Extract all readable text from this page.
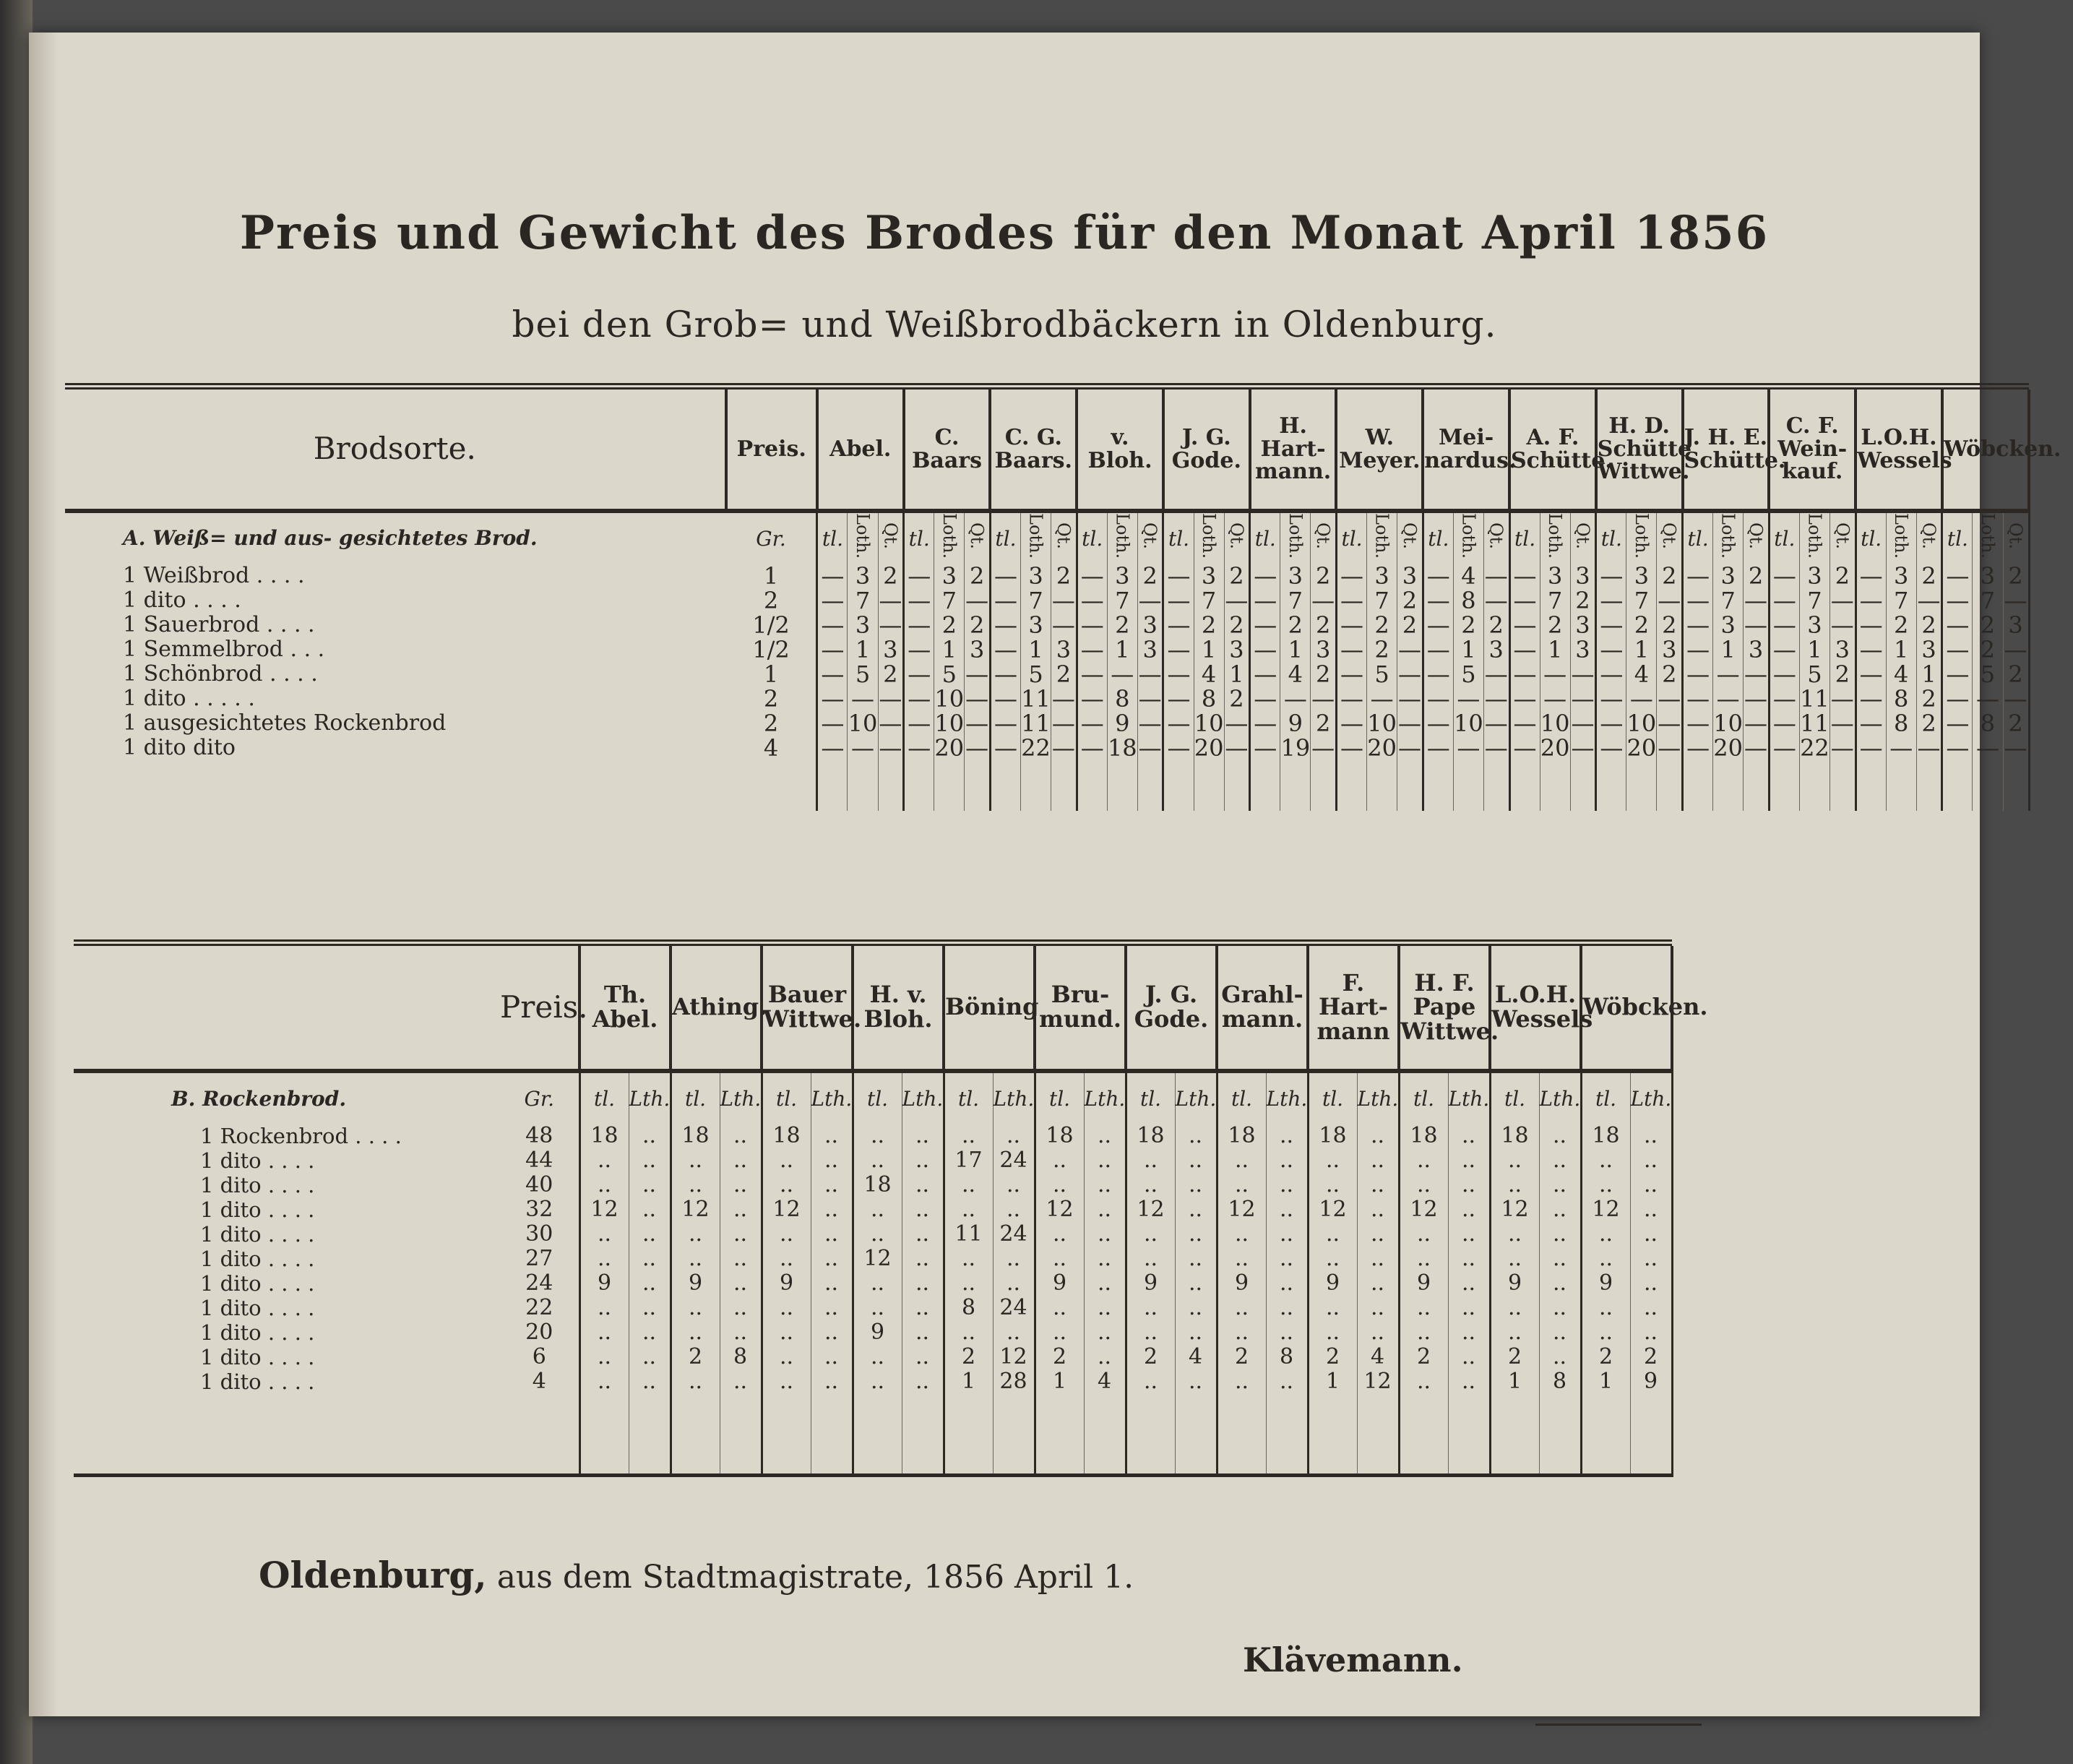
Preis und Gewicht des Brodes für den Monat April 1856
bei den Grob= und Weißbrodbäckern in Oldenburg.

Brodsorte.	Preis.	Abel.			C. Baars			C. G. Baars.			v. Bloh.			J. G. Gode.			H. Hart- mann.			W. Meyer.			Mei- nardus.			A. F. Schütte.			H. D. Schütte Wittwe.			J. H. E. Schütte.			C. F. Wein- kauf.			L.O.H. Wessels			Wöbcken.		

A. Weiß= und aus- gesichtetes Brod.	Gr.	tl.	Loth.	Qt.	tl.	Loth.	Qt.	tl.	Loth.	Qt.	tl.	Loth.	Qt.	tl.	Loth.	Qt.	tl.	Loth.	Qt.	tl.	Loth.	Qt.	tl.	Loth.	Qt.	tl.	Loth.	Qt.	tl.	Loth.	Qt.	tl.	Loth.	Qt.	tl.	Loth.	Qt.	tl.	Loth.	Qt.	tl.	Loth.	Qt.
1 Weißbrod . . . .	1	—	3	2	—	3	2	—	3	2	—	3	2	—	3	2	—	3	2	—	3	3	—	4	—	—	3	3	—	3	2	—	3	2	—	3	2	—	3	2	—	3	2
1 dito . . . .	2	—	7	—	—	7	—	—	7	—	—	7	—	—	7	—	—	7	—	—	7	2	—	8	—	—	7	2	—	7	—	—	7	—	—	7	—	—	7	—	—	7	—
1 Sauerbrod . . . .	1/2	—	3	—	—	2	2	—	3	—	—	2	3	—	2	2	—	2	2	—	2	2	—	2	2	—	2	3	—	2	2	—	3	—	—	3	—	—	2	2	—	2	3
1 Semmelbrod . . .	1/2	—	1	3	—	1	3	—	1	3	—	1	3	—	1	3	—	1	3	—	2	—	—	1	3	—	1	3	—	1	3	—	1	3	—	1	3	—	1	3	—	2	—
1 Schönbrod . . . .	1	—	5	2	—	5	—	—	5	2	—	—	—	—	4	1	—	4	2	—	5	—	—	5	—	—	—	—	—	4	2	—	—	—	—	5	2	—	4	1	—	5	2
1 dito . . . . .	2	—	—	—	—	10	—	—	11	—	—	8	—	—	8	2	—	—	—	—	—	—	—	—	—	—	—	—	—	—	—	—	—	—	—	11	—	—	8	2	—	—	—
1 ausgesichtetes Rockenbrod	2	—	10	—	—	10	—	—	11	—	—	9	—	—	10	—	—	9	2	—	10	—	—	10	—	—	10	—	—	10	—	—	10	—	—	11	—	—	8	2	—	8	2
1 dito dito	4	—	—	—	—	20	—	—	22	—	—	18	—	—	20	—	—	19	—	—	20	—	—	—	—	—	20	—	—	20	—	—	20	—	—	22	—	—	—	—	—	—	—

	Preis.	Th. Abel.		Athing.		Bauer Wittwe.		H. v. Bloh.		Böning		Bru- mund.		J. G. Gode.		Grahl- mann.		F. Hart- mann		H. F. Pape Wittwe.		L.O.H. Wessels		Wöbcken.	

B. Rockenbrod.	Gr.	tl.	Lth.	tl.	Lth.	tl.	Lth.	tl.	Lth.	tl.	Lth.	tl.	Lth.	tl.	Lth.	tl.	Lth.	tl.	Lth.	tl.	Lth.	tl.	Lth.	tl.	Lth.
1 Rockenbrod . . . .	48	18	..	18	..	18	..	..	..	..	..	18	..	18	..	18	..	18	..	18	..	18	..	18	..
1 dito . . . .	44	..	..	..	..	..	..	..	..	17	24	..	..	..	..	..	..	..	..	..	..	..	..	..	..
1 dito . . . .	40	..	..	..	..	..	..	18	..	..	..	..	..	..	..	..	..	..	..	..	..	..	..	..	..
1 dito . . . .	32	12	..	12	..	12	..	..	..	..	..	12	..	12	..	12	..	12	..	12	..	12	..	12	..
1 dito . . . .	30	..	..	..	..	..	..	..	..	11	24	..	..	..	..	..	..	..	..	..	..	..	..	..	..
1 dito . . . .	27	..	..	..	..	..	..	12	..	..	..	..	..	..	..	..	..	..	..	..	..	..	..	..	..
1 dito . . . .	24	9	..	9	..	9	..	..	..	..	..	9	..	9	..	9	..	9	..	9	..	9	..	9	..
1 dito . . . .	22	..	..	..	..	..	..	..	..	8	24	..	..	..	..	..	..	..	..	..	..	..	..	..	..
1 dito . . . .	20	..	..	..	..	..	..	9	..	..	..	..	..	..	..	..	..	..	..	..	..	..	..	..	..
1 dito . . . .	6	..	..	2	8	..	..	..	..	2	12	2	..	2	4	2	8	2	4	2	..	2	..	2	2
1 dito . . . .	4	..	..	..	..	..	..	..	..	1	28	1	4	..	..	..	..	1	12	..	..	1	8	1	9

Oldenburg, aus dem Stadtmagistrate, 1856 April 1.
Klävemann.
